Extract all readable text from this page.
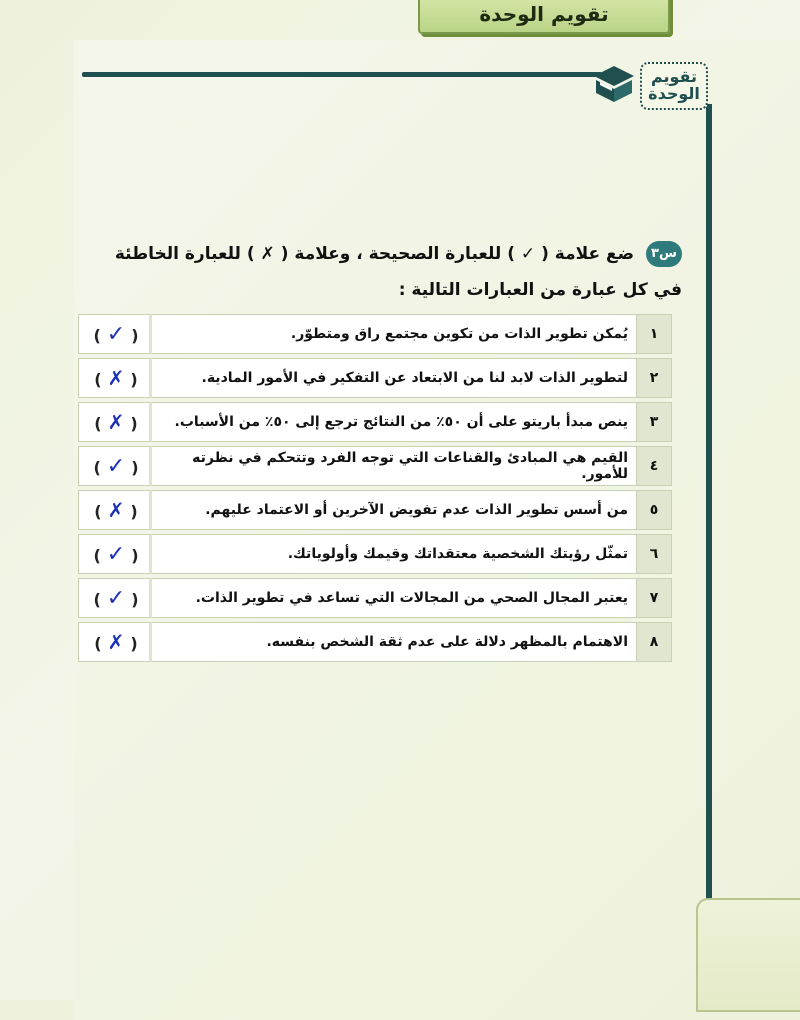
تقويم الوحدة
تقويم
الوحدة
س٣ ضع علامة ( ✓ ) للعبارة الصحيحة ، وعلامة ( ✗ ) للعبارة الخاطئة في كل عبارة من العبارات التالية :
١	يُمكن تطوير الذات من تكوين مجتمع راق ومتطوّر.	( ✓ )
٢	لتطوير الذات لابد لنا من الابتعاد عن التفكير في الأمور المادية.	( ✗ )
٣	ينص مبدأ باريتو على أن ٥٠٪ من النتائج ترجع إلى ٥٠٪ من الأسباب.	( ✗ )
٤	القيم هي المبادئ والقناعات التي توجه الفرد وتتحكم في نظرته للأمور.	( ✓ )
٥	من أسس تطوير الذات عدم تفويض الآخرين أو الاعتماد عليهم.	( ✗ )
٦	تمثّل رؤيتك الشخصية معتقداتك وقيمك وأولوياتك.	( ✓ )
٧	يعتبر المجال الصحي من المجالات التي تساعد في تطوير الذات.	( ✓ )
٨	الاهتمام بالمظهر دلالة على عدم ثقة الشخص بنفسه.	( ✗ )
